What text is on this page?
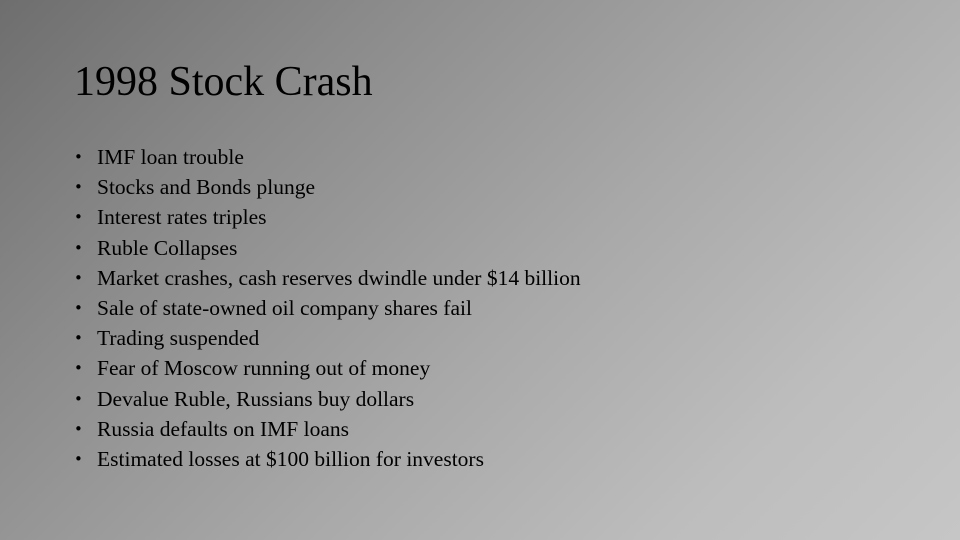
1998 Stock Crash
• IMF loan trouble
• Stocks and Bonds plunge
• Interest rates triples
• Ruble Collapses
• Market crashes, cash reserves dwindle under $14 billion
• Sale of state-owned oil company shares fail
• Trading suspended
• Fear of Moscow running out of money
• Devalue Ruble, Russians buy dollars
• Russia defaults on IMF loans
• Estimated losses at $100 billion for investors
